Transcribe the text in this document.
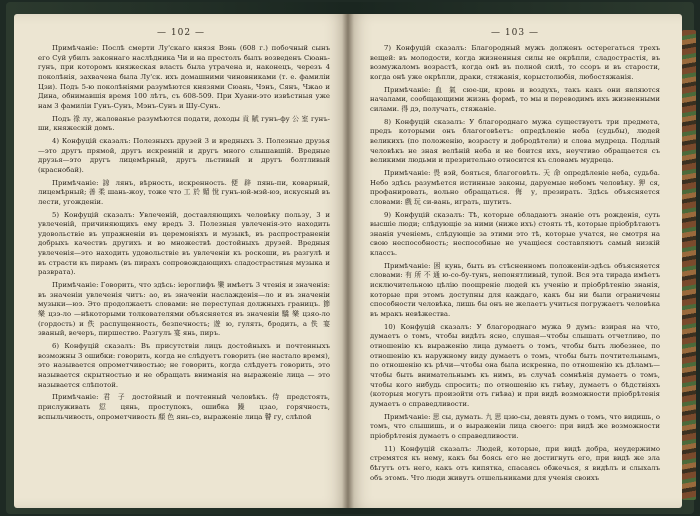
— 102 —

Примѣчаніе: Послѣ смерти Лу'скаго князя Вэнь (608 г.) побочный сынъ его Суй убилъ законнаго наслѣдника Чи и на престолъ былъ возведенъ Сюань-гунъ, при которомъ княжеская власть была утрачена и, наконецъ, черезъ 4 поколѣнія, захвачена была Лу'ск. ихъ домашними чиновниками (т. е. фамиліи Цзи). Подъ 5-ю поколѣніями разумѣются князями Сюань, Чэнъ, Сянъ, Чжао и Дина, обнимавшія время 100 лѣтъ, съ 608-509. При Хуани-это извѣстныя уже нам 3 фамиліи Гунъ-Сунъ, Мэнъ-Сунъ и Шу-Сунъ.

Подъ 祿 лу, жалованье разумѣются подати, доходы 貢 賦 гунъ-фу 公 室 гунъ-ши, княжескій домъ.

4) Конфуцій сказалъ: Полезныхъ друзей 3 и вредныхъ 3. Полезные друзья—это другъ прямой, другъ искренній и другъ много слышавшій. Вредные друзья—это другъ лицемѣрный, другъ льстивый и другъ болтливый (краснобай).

Примѣчаніе: 諒 лянъ, вѣрность, искренность. 便 辟 пянь-пи, коварный, лицемѣрный; 善 柔 шань-жоу, тоже что 工 於 媚 悅 гунъ-юй-мэй-юэ, искусный въ лести, угожденіи.

5) Конфуцій сказалъ: Увлеченій, доставляющихъ человѣку пользу, 3 и увлеченій, причиняющихъ ему вредъ 3. Полезныя увлеченія-это находить удовольствіе въ упражненіи въ церемоніяхъ и музыкѣ, въ распространеніи добрыхъ качествъ другихъ и во множествѣ достойныхъ друзей. Вредныя увлеченія—это находить удовольствіе въ увлеченіи къ роскоши, въ разгулѣ и въ страсти къ пирамъ (въ пирахъ сопровождающихъ сладострастныя музыка и разврата).

Примѣчаніе: Говорить, что здѣсь: іероглифъ 樂 имѣетъ 3 чтенія и значенія: въ значеніи увлеченія читъ: ао, въ значеніи наслажденія—ло и въ значеніи музыки—юэ. Это продолжаетъ словами: не переступая должныхъ границъ. 節 樂 цзэ-ло —нѣкоторыми толкователями объясняется въ значеніи 驕 樂 цзяо-ло (гордость) и 佚 распущенность, безпечность; 遊 ю, гулять, бродить, а 佚 宴 званый, вечеръ, пиршество. Разгулъ 宴 янь, пиръ.

6) Конфуцій сказалъ: Въ присутствіи лицъ достойныхъ и почтенныхъ возможны 3 ошибки: говорить, когда не слѣдуетъ говорить (не настало время), это называется опрометчивостью; не говорить, когда слѣдуетъ говорить, это называется скрытностью и не обращать вниманія на выраженіе лица — это называется слѣпотой.

Примѣчаніе: 君 子 достойный и почтенный человѣкъ. 侍 предстоять, прислуживать 愆 цянь, проступокъ, ошибка 躁 цзао, горячность, вспыльчивость, опрометчивость 顏 色 янь-сэ, выраженіе лица 瞽 гу, слѣпой

— 103 —

7) Конфуцій сказалъ: Благородный мужъ долженъ остерегаться трехъ вещей: въ молодости, когда жизненныя силы не окрѣпли, сладострастія, въ возмужаломъ возрастѣ, когда онѣ въ полной силѣ, то ссоръ и въ старости, когда онѣ уже окрѣпли, драки, стяжанія, корыстолюбія, любостяжанія.

Примѣчаніе: 血 氣 сюе-ци, кровь и воздухъ, такъ какъ они являются началами, сообщающими жизнь формѣ, то мы и переводимъ ихъ жизненными силами. 得 дэ, получать, стяжаніе.

8) Конфуцій сказалъ: У благороднаго мужа существуетъ три предмета, предъ которыми онъ благоговѣетъ: опредѣленіе неба (судьбы), людей великихъ (по положенію, возрасту и добродѣтели) и слова мудреца. Подлый человѣкъ не зная велѣній неба и не боится ихъ, неучтиво обращается съ великими людьми и презрительно относится къ словамъ мудреца.

Примѣчаніе: 畏 вэй, бояться, благоговѣть. 天 命 опредѣленіе неба, судьба. Небо здѣсь разумѣется истинные законы, даруемые небомъ человѣку. 狎 ся, профанировать, вольно обращаться. 侮 у, презирать. Здѣсь объясняется словами: 戲 玩 си-вань, играть, шутить.

9) Конфуцій сказалъ: Тѣ, которые обладаютъ знаніе отъ рожденія, суть высшіе люди; слѣдующіе за ними (ниже ихъ) стоять тѣ, которые пріобрѣтаютъ знанія ученіемъ, слѣдующіе за этими это тѣ, которые учатся, не смотря на свою неспособность; неспособные не учащіеся составляютъ самый низкій классъ.

Примѣчаніе: 困 кунь, быть въ стѣсненномъ положеніи-здѣсь объясняется словами: 有 所 不 通 ю-со-бу-тунъ, непонятливый, тупой. Вся эта тирада имѣетъ исключительною цѣлію поощреніе людей къ ученію и пріобрѣтенію знанія, которые при этомъ доступны для каждаго, какъ бы ни были ограничены способности человѣка, лишь бы онъ не желаетъ учиться погружаетъ человѣка въ мракъ невѣжества.

10) Конфуцій сказалъ: У благороднаго мужа 9 думъ: взирая на что, думаетъ о томъ, чтобы видѣть ясно, слушая—чтобы слышать отчетливо, по отношенію къ выраженію лица думаетъ о томъ, чтобы быть любезнее, по отношенію къ наружному виду думаетъ о томъ, чтобы быть почтительнымъ, по отношенію къ рѣчи—чтобы она была искренна, по отношенію къ дѣламъ—чтобы быть внимательнымъ къ нимъ, въ случаѣ сомнѣнія думаетъ о томъ, чтобы кого нибудь спросить; по отношенію къ гнѣву, думаетъ о бѣдствіяхъ (которыя могутъ произойти отъ гнѣва) и при видѣ возможности пріобрѣтенія думаетъ о справедливости.

Примѣчаніе: 思 сы, думать. 九 思 цзю-сы, девять думъ о томъ, что видишь, о томъ, что слышишь, и о выраженіи лица своего: при видѣ же возможности пріобрѣтенія думаетъ о справедливости.

11) Конфуцій сказалъ: Людей, которые, при видѣ добра, неудержимо стремятся къ нему, какъ бы боясь его не достигнуть его, при видѣ же зла бѣгутъ отъ него, какъ отъ кипятка, спасаясь обжечься, я видѣлъ и слыхалъ объ этомъ. Что люди живутъ отшельниками для ученія своихъ
